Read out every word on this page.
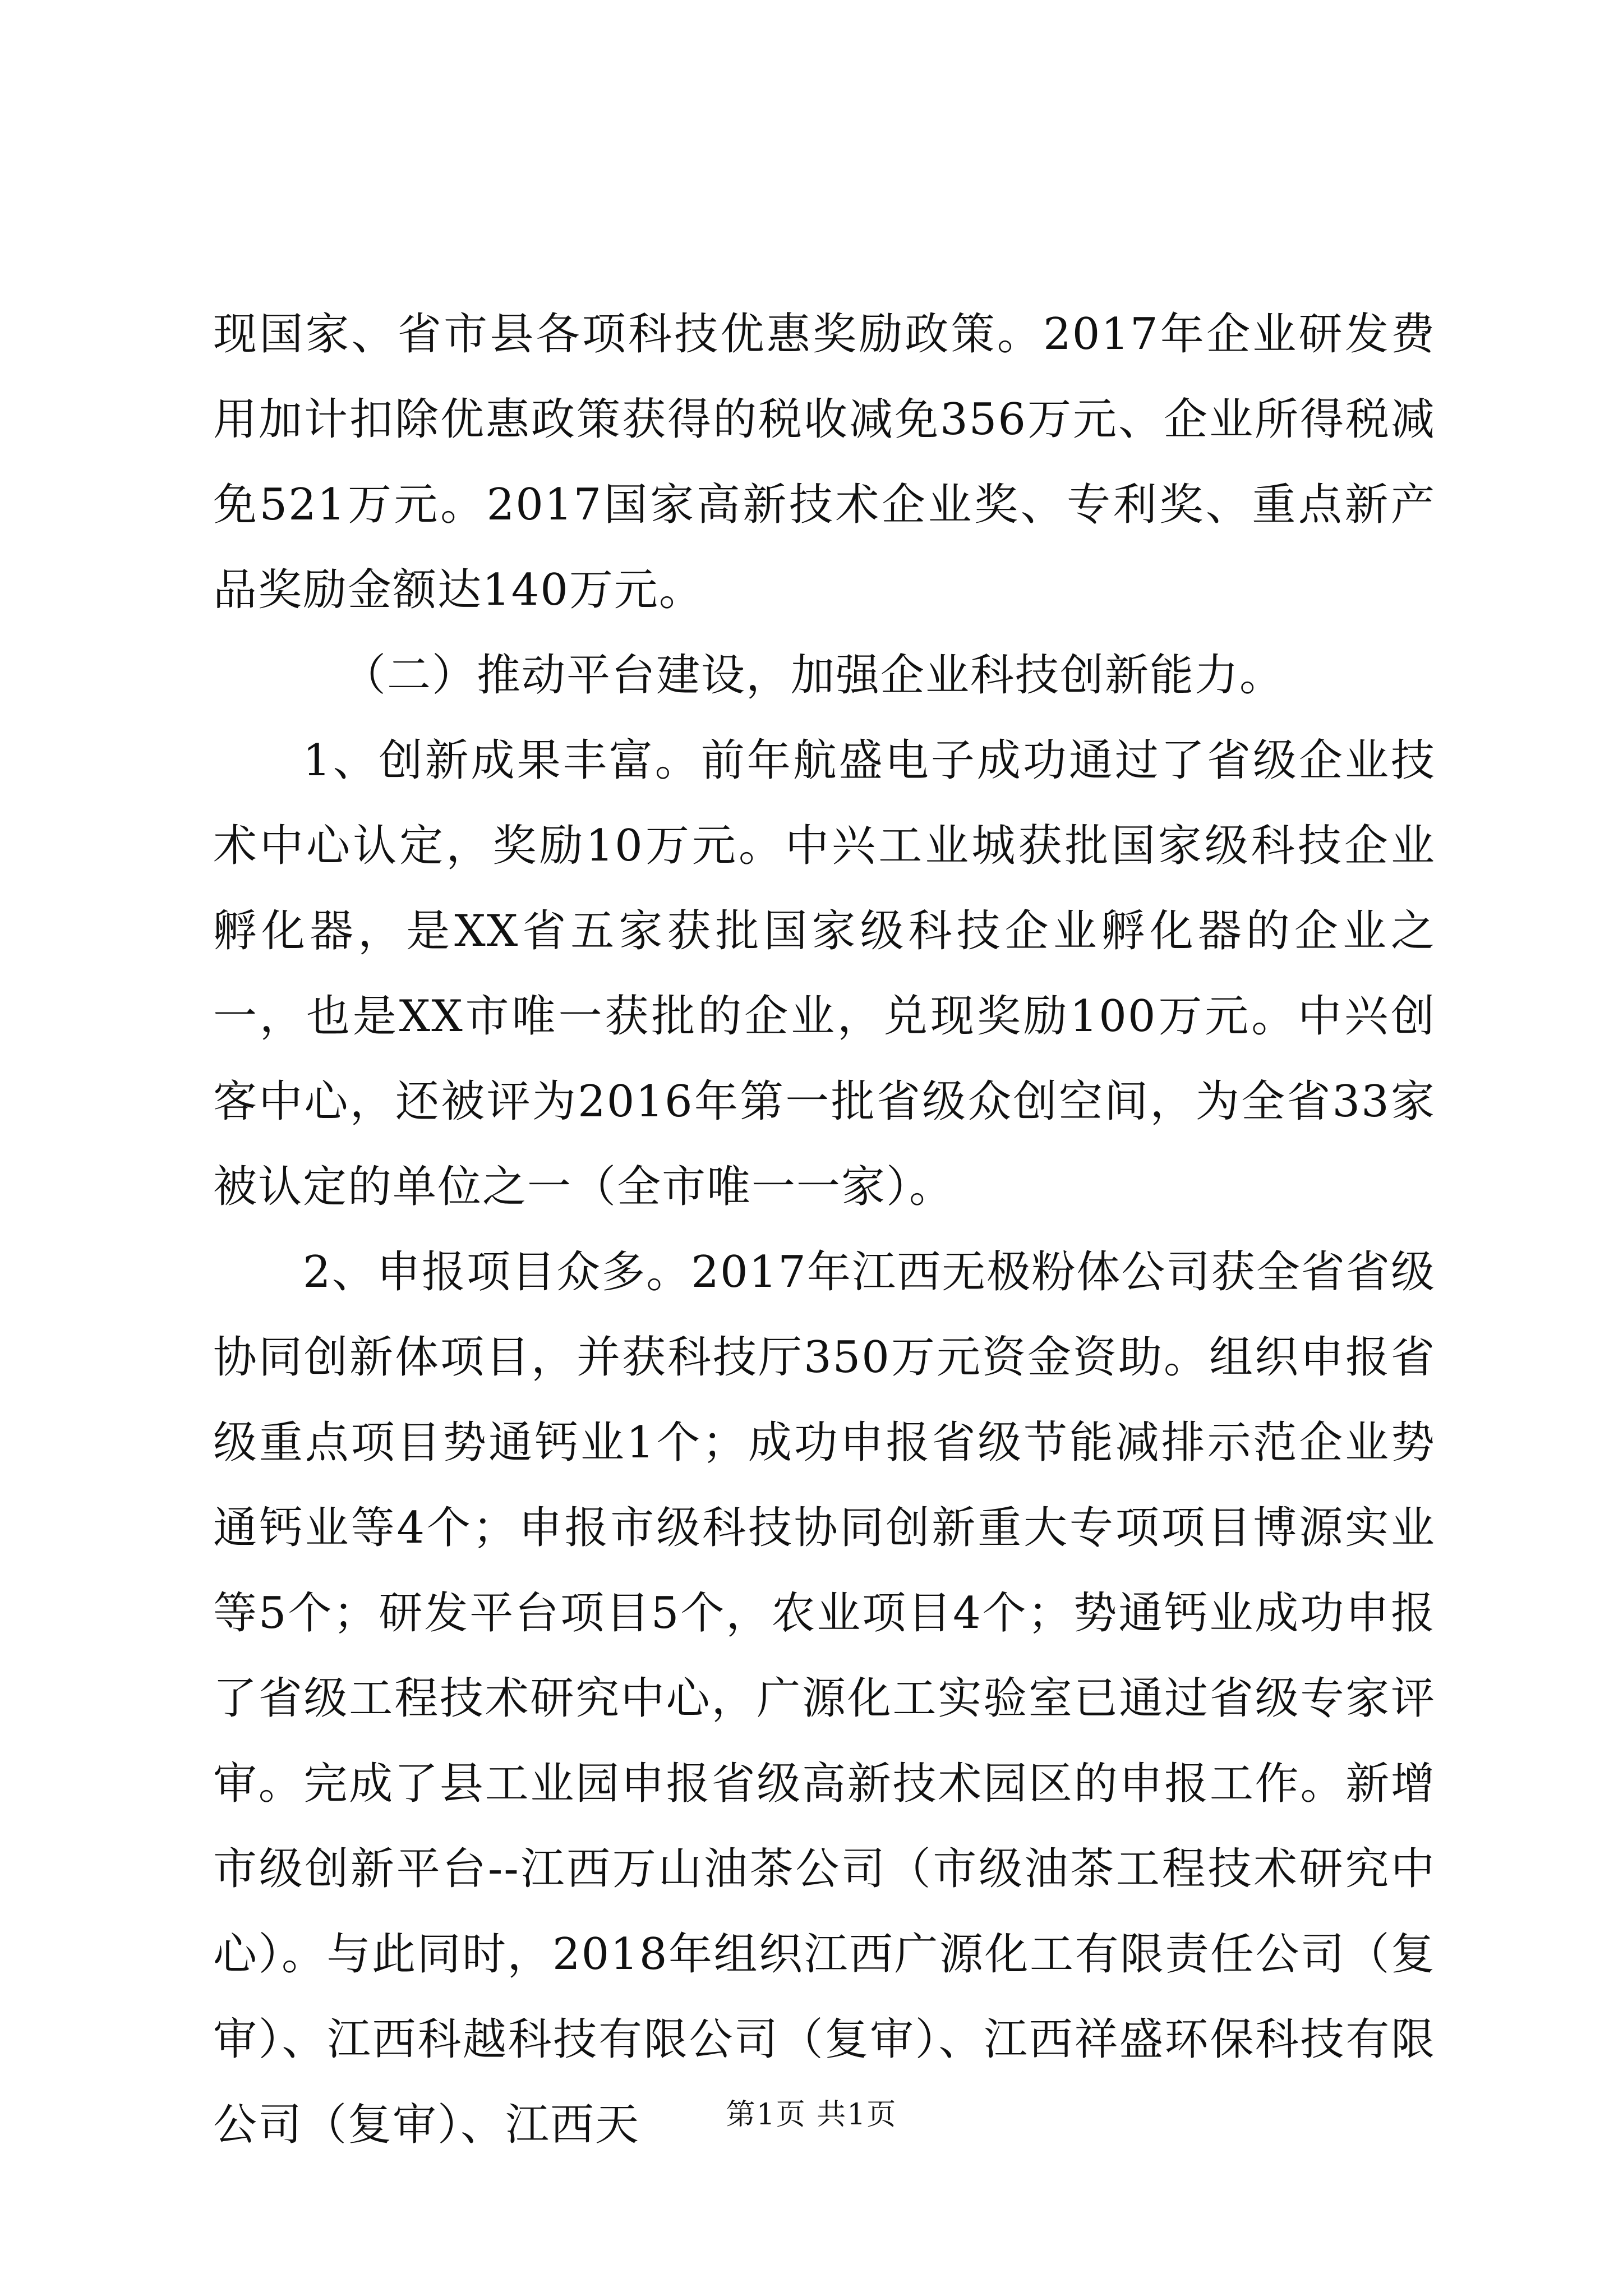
现国家、省市县各项科技优惠奖励政策。2017年企业研发费用加计扣除优惠政策获得的税收减免356万元、企业所得税减免521万元。2017国家高新技术企业奖、专利奖、重点新产品奖励金额达140万元。

（二）推动平台建设，加强企业科技创新能力。

1、创新成果丰富。前年航盛电子成功通过了省级企业技术中心认定，奖励10万元。中兴工业城获批国家级科技企业孵化器，是XX省五家获批国家级科技企业孵化器的企业之一，也是XX市唯一获批的企业，兑现奖励100万元。中兴创客中心，还被评为2016年第一批省级众创空间，为全省33家被认定的单位之一（全市唯一一家）。

2、申报项目众多。2017年江西无极粉体公司获全省省级协同创新体项目，并获科技厅350万元资金资助。组织申报省级重点项目势通钙业1个；成功申报省级节能减排示范企业势通钙业等4个；申报市级科技协同创新重大专项项目博源实业等5个；研发平台项目5个，农业项目4个；势通钙业成功申报了省级工程技术研究中心，广源化工实验室已通过省级专家评审。完成了县工业园申报省级高新技术园区的申报工作。新增市级创新平台--江西万山油茶公司（市级油茶工程技术研究中心）。与此同时，2018年组织江西广源化工有限责任公司（复审）、江西科越科技有限公司（复审）、江西祥盛环保科技有限公司（复审）、江西天	第1页 共1页
